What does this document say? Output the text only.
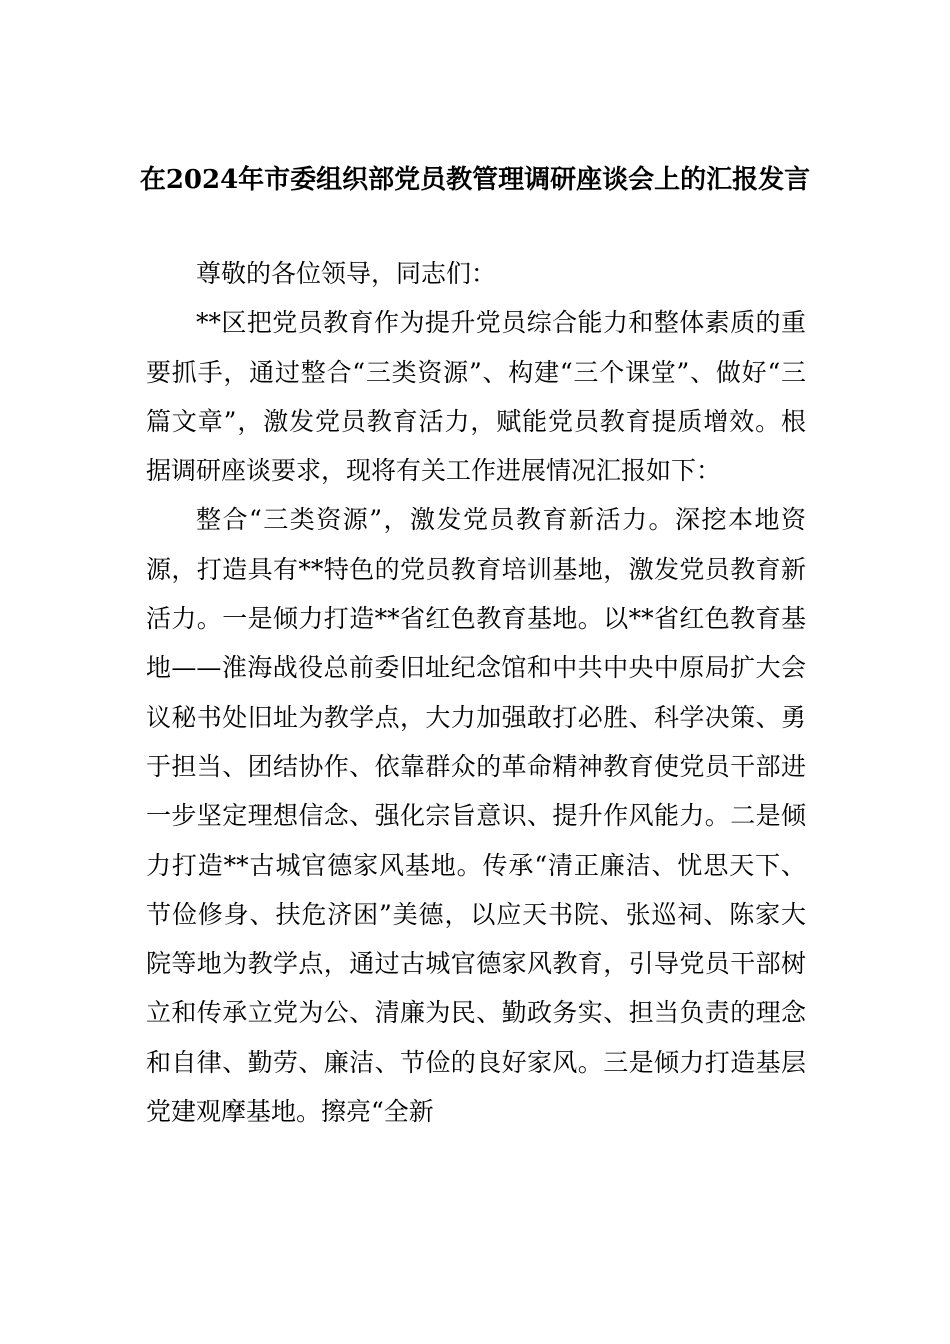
在2024年市委组织部党员教管理调研座谈会上的汇报发言

尊敬的各位领导，同志们：

**区把党员教育作为提升党员综合能力和整体素质的重要抓手，通过整合“三类资源”、构建“三个课堂”、做好“三篇文章”，激发党员教育活力，赋能党员教育提质增效。根据调研座谈要求，现将有关工作进展情况汇报如下：

整合“三类资源”，激发党员教育新活力。深挖本地资源，打造具有**特色的党员教育培训基地，激发党员教育新活力。一是倾力打造**省红色教育基地。以**省红色教育基地——淮海战役总前委旧址纪念馆和中共中央中原局扩大会议秘书处旧址为教学点，大力加强敢打必胜、科学决策、勇于担当、团结协作、依靠群众的革命精神教育使党员干部进一步坚定理想信念、强化宗旨意识、提升作风能力。二是倾力打造**古城官德家风基地。传承“清正廉洁、忧思天下、节俭修身、扶危济困”美德，以应天书院、张巡祠、陈家大院等地为教学点，通过古城官德家风教育，引导党员干部树立和传承立党为公、清廉为民、勤政务实、担当负责的理念和自律、勤劳、廉洁、节俭的良好家风。三是倾力打造基层党建观摩基地。擦亮“全新
